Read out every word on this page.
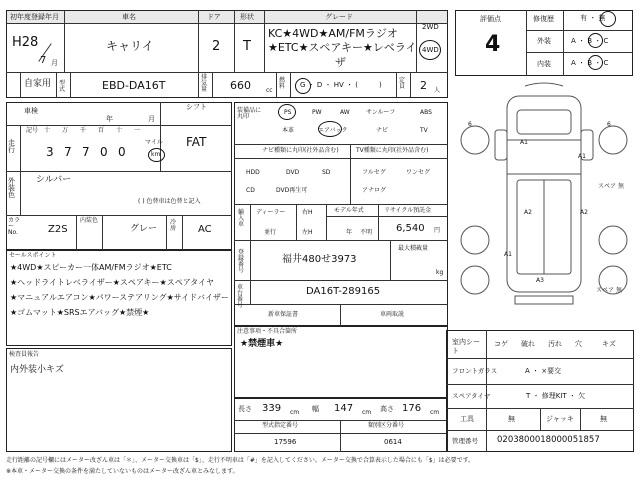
初年度登録年月
H28
7 月
車名
キャリイ
ドア
2
形状
T
グレード
KC★4WD★AM/FMラジオ
★ETC★スペアキー★レベライ
ザ
2WD
4WD
自家用 型式	EBD-DA16T
排気量 660	cc
燃料 G ・ D ・ HV ・ (　　　)
定員 2 人
評価点
4
修復歴	有 ・ 無
外装	A ・ B ・ C
内装	A ・ B ・ C
車検
年	月
シフト
FAT
走行
記号 十 万 千 百 十 一
3 7 7 0 0
マイル
km
外装色
シルバー
( ) 色替車は色替と記入
カラーNo.	Z2S
内装色
グレー
冷房 AC
装備品に丸印
PS	PW	AW	サンルーフ	ABS
本革	エアバック	ナビ	TV
ナビ種類に丸印(社外品含む)	TV種類に丸印(社外品含む)
HDD	DVD	SD
CD	DVD再生可
フルセグ	ワンセグ
アナログ
輸入車
ディーラー
並行
右H
左H
モデル年式
年 不明
リサイクル預託金
6,540 円
登録番号
福井480せ3973
最大積載量
kg
車台番号
DA16T-289165
新車保証書	車両取説
セールスポイント
★4WD★スピーカー一体AM/FMラジオ★ETC
★ヘッドライトレベライザー★スペアキー★スペアタイヤ
★マニュアルエアコン★パワーステアリング★サイドバイザー
★ゴムマット★SRSエアバッグ★禁煙★
検査員報告
内外装小キズ
注意事項・不具合箇所
★禁煙車★
長さ 339 cm 幅 147 cm 高さ 176 cm
型式指定番号	類別区分番号
17596	0614
6	6
A1
A1
A2	A2
A3
A1
スペア 無
スペア 無
室内シート
コゲ 破れ 汚れ 穴	キズ
フロントガラス	A ・ ×要交
スペアタイヤ	T ・ 修理KIT ・ 欠
工具	無	ジャッキ	無
管理番号 0203800018000051857
走行距離の記号欄にはメーター改ざん車は「＊」、メーター交換車は「$」、走行不明車は「#」を記入してください。メーター交換で合算表示した場合にも「$」は必要です。
※本車・メーター交換の条件を満たしていないものはメーター改ざん車とみなします。
